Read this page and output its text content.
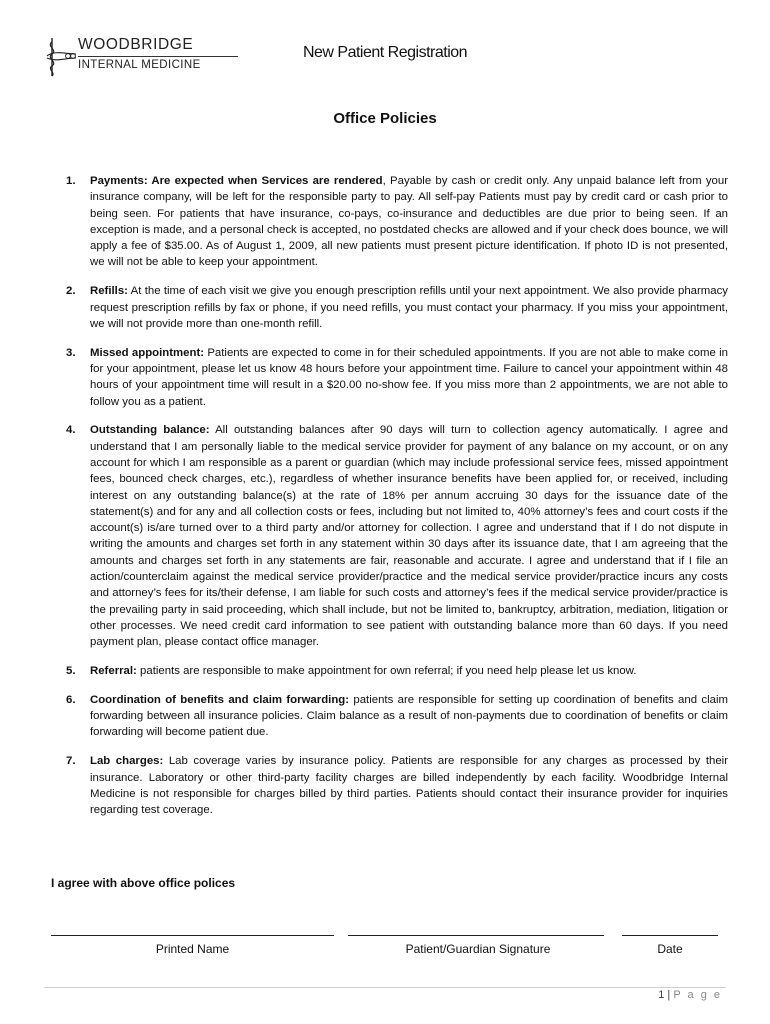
WOODBRIDGE
INTERNAL MEDICINE
New Patient Registration
Office Policies
1.	Payments: Are expected when Services are rendered, Payable by cash or credit only. Any unpaid balance left from your insurance company, will be left for the responsible party to pay. All self-pay Patients must pay by credit card or cash prior to being seen. For patients that have insurance, co-pays, co-insurance and deductibles are due prior to being seen. If an exception is made, and a personal check is accepted, no postdated checks are allowed and if your check does bounce, we will apply a fee of $35.00. As of August 1, 2009, all new patients must present picture identification. If photo ID is not presented, we will not be able to keep your appointment.
2.	Refills: At the time of each visit we give you enough prescription refills until your next appointment. We also provide pharmacy request prescription refills by fax or phone, if you need refills, you must contact your pharmacy. If you miss your appointment, we will not provide more than one-month refill.
3.	Missed appointment: Patients are expected to come in for their scheduled appointments. If you are not able to make come in for your appointment, please let us know 48 hours before your appointment time. Failure to cancel your appointment within 48 hours of your appointment time will result in a $20.00 no-show fee. If you miss more than 2 appointments, we are not able to follow you as a patient.
4.	Outstanding balance: All outstanding balances after 90 days will turn to collection agency automatically. I agree and understand that I am personally liable to the medical service provider for payment of any balance on my account, or on any account for which I am responsible as a parent or guardian (which may include professional service fees, missed appointment fees, bounced check charges, etc.), regardless of whether insurance benefits have been applied for, or received, including interest on any outstanding balance(s) at the rate of 18% per annum accruing 30 days for the issuance date of the statement(s) and for any and all collection costs or fees, including but not limited to, 40% attorney’s fees and court costs if the account(s) is/are turned over to a third party and/or attorney for collection. I agree and understand that if I do not dispute in writing the amounts and charges set forth in any statement within 30 days after its issuance date, that I am agreeing that the amounts and charges set forth in any statements are fair, reasonable and accurate. I agree and understand that if I file an action/counterclaim against the medical service provider/practice and the medical service provider/practice incurs any costs and attorney’s fees for its/their defense, I am liable for such costs and attorney’s fees if the medical service provider/practice is the prevailing party in said proceeding, which shall include, but not be limited to, bankruptcy, arbitration, mediation, litigation or other processes. We need credit card information to see patient with outstanding balance more than 60 days. If you need payment plan, please contact office manager.
5.	Referral: patients are responsible to make appointment for own referral; if you need help please let us know.
6.	Coordination of benefits and claim forwarding: patients are responsible for setting up coordination of benefits and claim forwarding between all insurance policies. Claim balance as a result of non-payments due to coordination of benefits or claim forwarding will become patient due.
7.	Lab charges: Lab coverage varies by insurance policy. Patients are responsible for any charges as processed by their insurance. Laboratory or other third-party facility charges are billed independently by each facility. Woodbridge Internal Medicine is not responsible for charges billed by third parties. Patients should contact their insurance provider for inquiries regarding test coverage.
I agree with above office polices
Printed Name	Patient/Guardian Signature	Date
1 | P a g e
